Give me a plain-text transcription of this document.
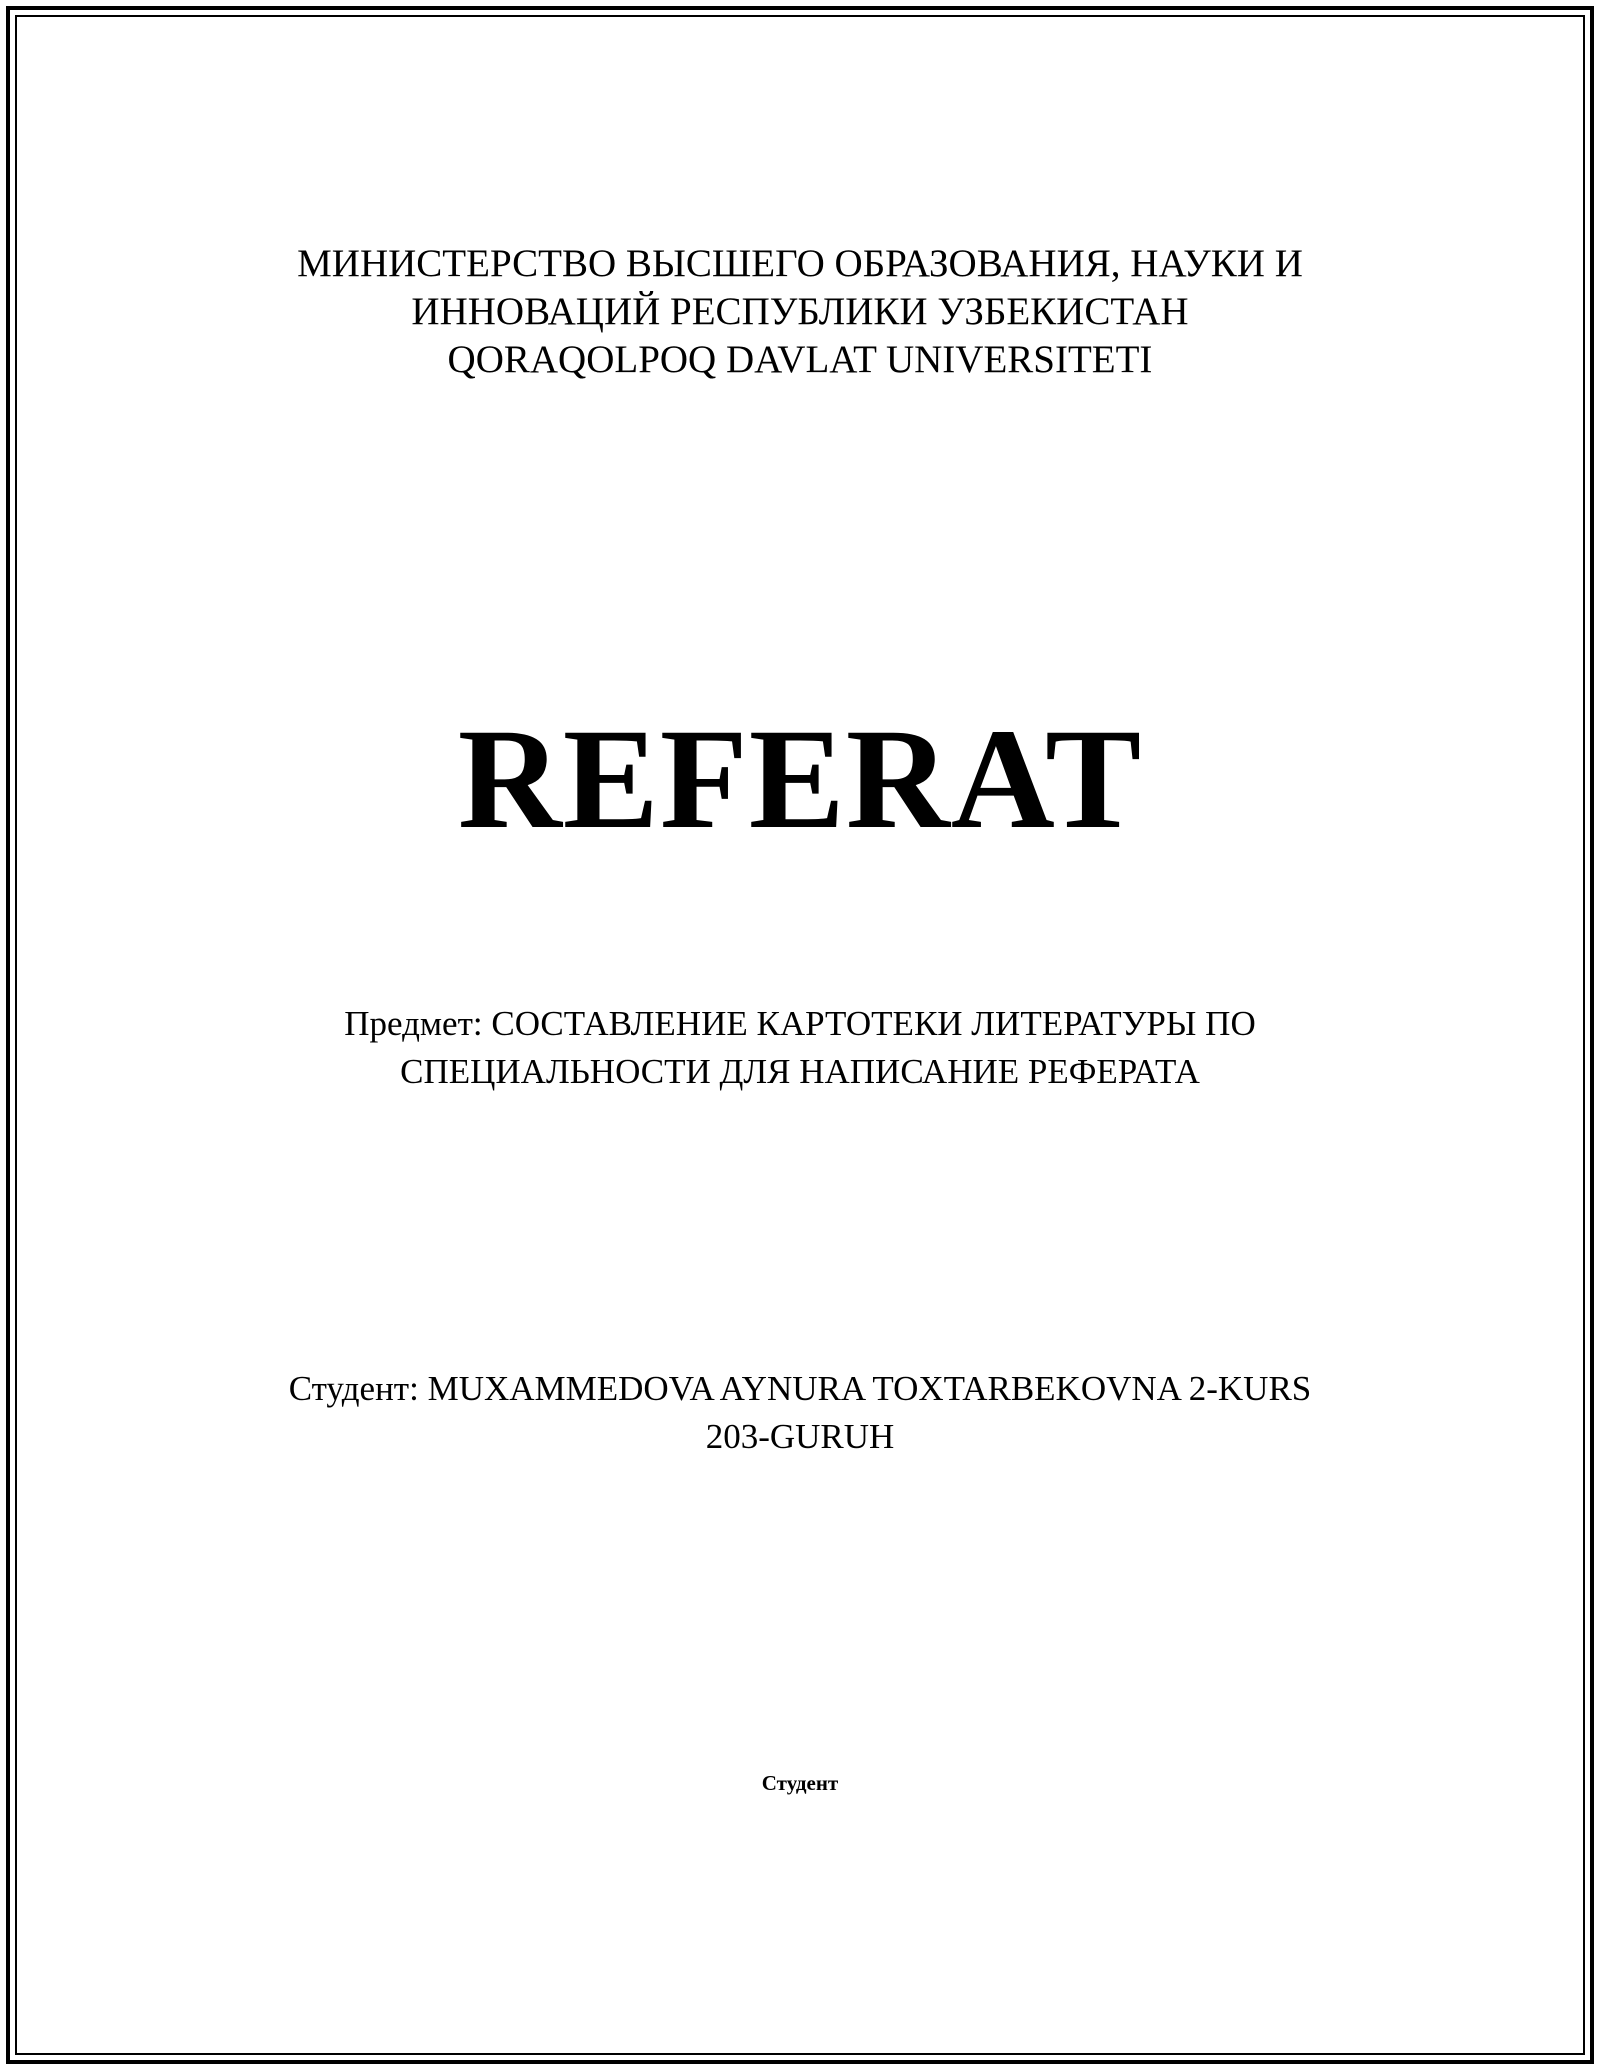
МИНИСТЕРСТВО ВЫСШЕГО ОБРАЗОВАНИЯ, НАУКИ И
ИННОВАЦИЙ РЕСПУБЛИКИ УЗБЕКИСТАН
QORAQOLPOQ DAVLAT UNIVERSITETI
REFERAT
Предмет: СОСТАВЛЕНИЕ КАРТОТЕКИ ЛИТЕРАТУРЫ ПО
СПЕЦИАЛЬНОСТИ ДЛЯ НАПИСАНИЕ РЕФЕРАТА
Студент: MUXAMMEDOVA AYNURA TOXTARBEKOVNA 2-KURS
203-GURUH
Студент
